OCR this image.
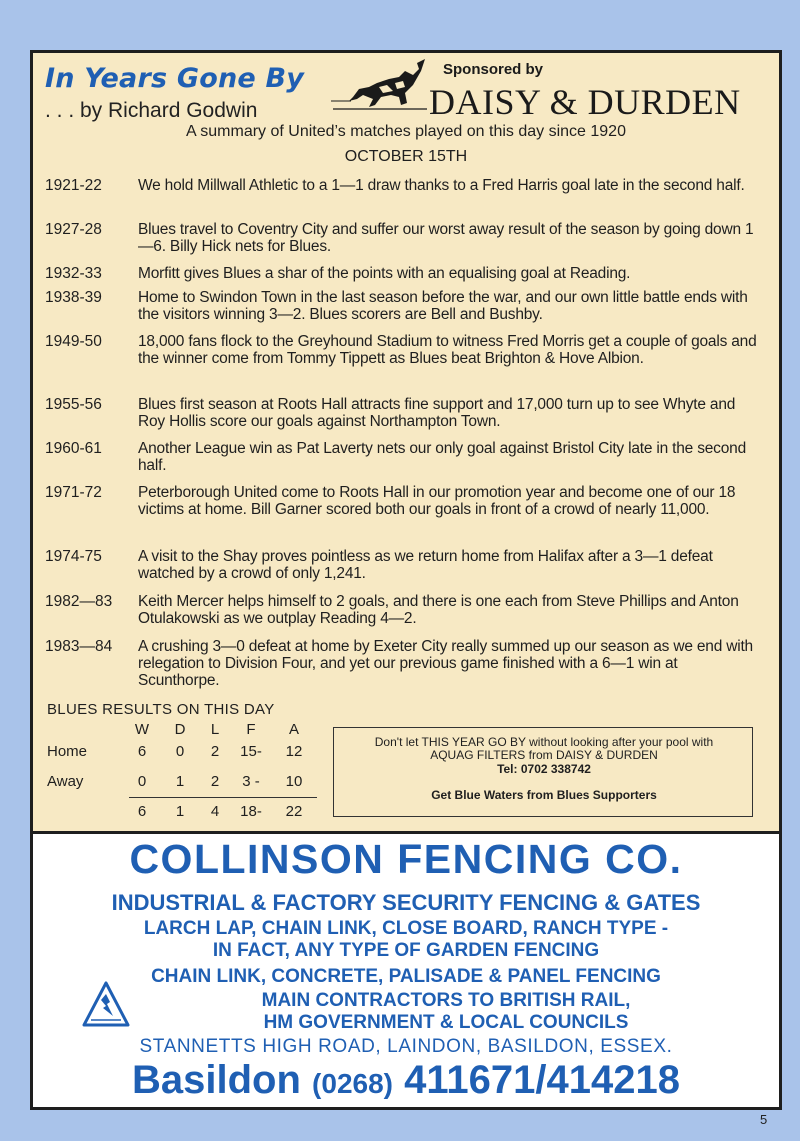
In Years Gone By
. . . by Richard Godwin
Sponsored by
DAISY & DURDEN
A summary of United’s matches played on this day since 1920
OCTOBER 15TH
1921-22	We hold Millwall Athletic to a 1—1 draw thanks to a Fred Harris goal late in the second half.
1927-28	Blues travel to Coventry City and suffer our worst away result of the season by going down 1—6. Billy Hick nets for Blues.
1932-33	Morfitt gives Blues a shar of the points with an equalising goal at Reading.
1938-39	Home to Swindon Town in the last season before the war, and our own little battle ends with the visitors winning 3—2. Blues scorers are Bell and Bushby.
1949-50	18,000 fans flock to the Greyhound Stadium to witness Fred Morris get a couple of goals and the winner come from Tommy Tippett as Blues beat Brighton & Hove Albion.
1955-56	Blues first season at Roots Hall attracts fine support and 17,000 turn up to see Whyte and Roy Hollis score our goals against Northampton Town.
1960-61	Another League win as Pat Laverty nets our only goal against Bristol City late in the second half.
1971-72	Peterborough United come to Roots Hall in our promotion year and become one of our 18 victims at home. Bill Garner scored both our goals in front of a crowd of nearly 11,000.
1974-75	A visit to the Shay proves pointless as we return home from Halifax after a 3—1 defeat watched by a crowd of only 1,241.
1982—83	Keith Mercer helps himself to 2 goals, and there is one each from Steve Phillips and Anton Otulakowski as we outplay Reading 4—2.
1983—84	A crushing 3—0 defeat at home by Exeter City really summed up our season as we end with relegation to Division Four, and yet our previous game finished with a 6—1 win at Scunthorpe.
BLUES RESULTS ON THIS DAY
W	D	L	F	A
Home	6	0	2	15-	12
Away	0	1	2	3 -	10
6	1	4	18-	22
Don't let THIS YEAR GO BY without looking after your pool with
AQUAG FILTERS from DAISY & DURDEN
Tel: 0702 338742
Get Blue Waters from Blues Supporters
COLLINSON FENCING CO.
INDUSTRIAL & FACTORY SECURITY FENCING & GATES
LARCH LAP, CHAIN LINK, CLOSE BOARD, RANCH TYPE -
IN FACT, ANY TYPE OF GARDEN FENCING
CHAIN LINK, CONCRETE, PALISADE & PANEL FENCING
MAIN CONTRACTORS TO BRITISH RAIL,
HM GOVERNMENT & LOCAL COUNCILS
STANNETTS HIGH ROAD, LAINDON, BASILDON, ESSEX.
Basildon (0268) 411671/414218
5
